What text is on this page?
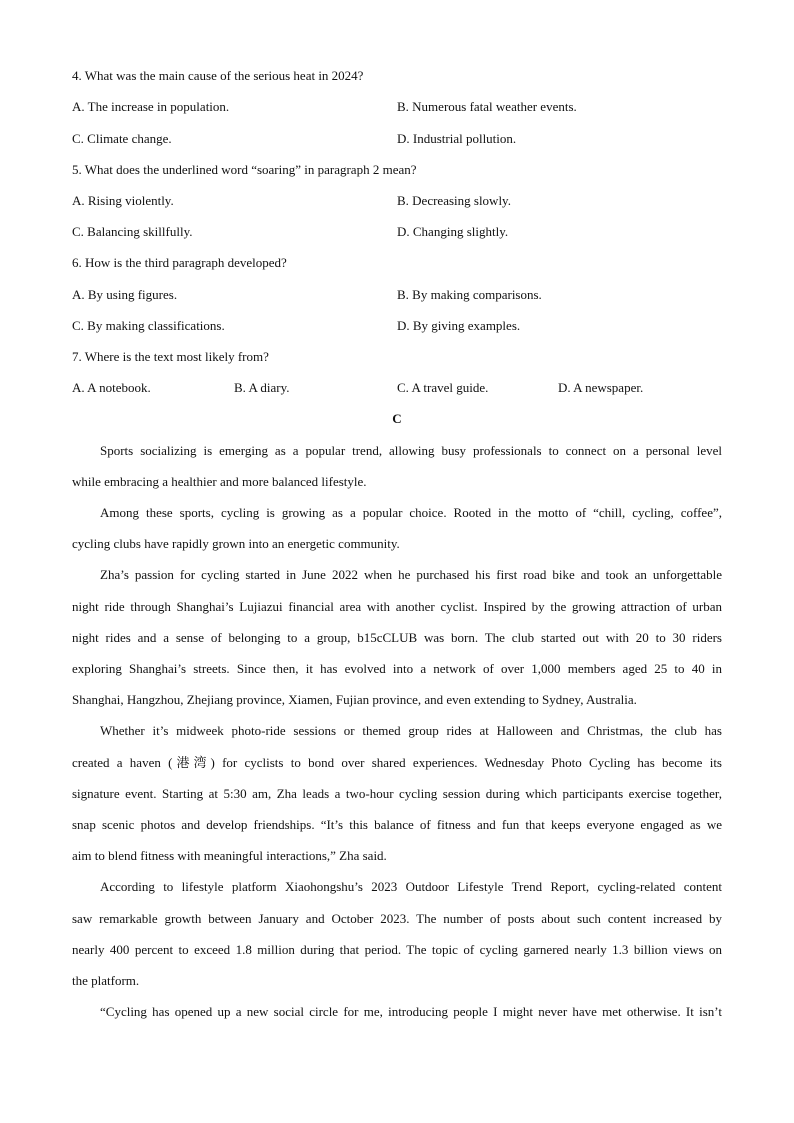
4. What was the main cause of the serious heat in 2024?
A. The increase in population.	B. Numerous fatal weather events.
C. Climate change.	D. Industrial pollution.
5. What does the underlined word “soaring” in paragraph 2 mean?
A. Rising violently.	B. Decreasing slowly.
C. Balancing skillfully.	D. Changing slightly.
6. How is the third paragraph developed?
A. By using figures.	B. By making comparisons.
C. By making classifications.	D. By giving examples.
7. Where is the text most likely from?
A. A notebook.	B. A diary.	C. A travel guide.	D. A newspaper.
C
Sports socializing is emerging as a popular trend, allowing busy professionals to connect on a personal level
while embracing a healthier and more balanced lifestyle.
Among these sports, cycling is growing as a popular choice. Rooted in the motto of “chill, cycling, coffee”,
cycling clubs have rapidly grown into an energetic community.
Zha’s passion for cycling started in June 2022 when he purchased his first road bike and took an unforgettable
night ride through Shanghai’s Lujiazui financial area with another cyclist. Inspired by the growing attraction of urban
night rides and a sense of belonging to a group, b15cCLUB was born. The club started out with 20 to 30 riders
exploring Shanghai’s streets. Since then, it has evolved into a network of over 1,000 members aged 25 to 40 in
Shanghai, Hangzhou, Zhejiang province, Xiamen, Fujian province, and even extending to Sydney, Australia.
Whether it’s midweek photo-ride sessions or themed group rides at Halloween and Christmas, the club has
created a haven (港湾) for cyclists to bond over shared experiences. Wednesday Photo Cycling has become its
signature event. Starting at 5:30 am, Zha leads a two-hour cycling session during which participants exercise together,
snap scenic photos and develop friendships. “It’s this balance of fitness and fun that keeps everyone engaged as we
aim to blend fitness with meaningful interactions,” Zha said.
According to lifestyle platform Xiaohongshu’s 2023 Outdoor Lifestyle Trend Report, cycling-related content
saw remarkable growth between January and October 2023. The number of posts about such content increased by
nearly 400 percent to exceed 1.8 million during that period. The topic of cycling garnered nearly 1.3 billion views on
the platform.
“Cycling has opened up a new social circle for me, introducing people I might never have met otherwise. It isn’t
